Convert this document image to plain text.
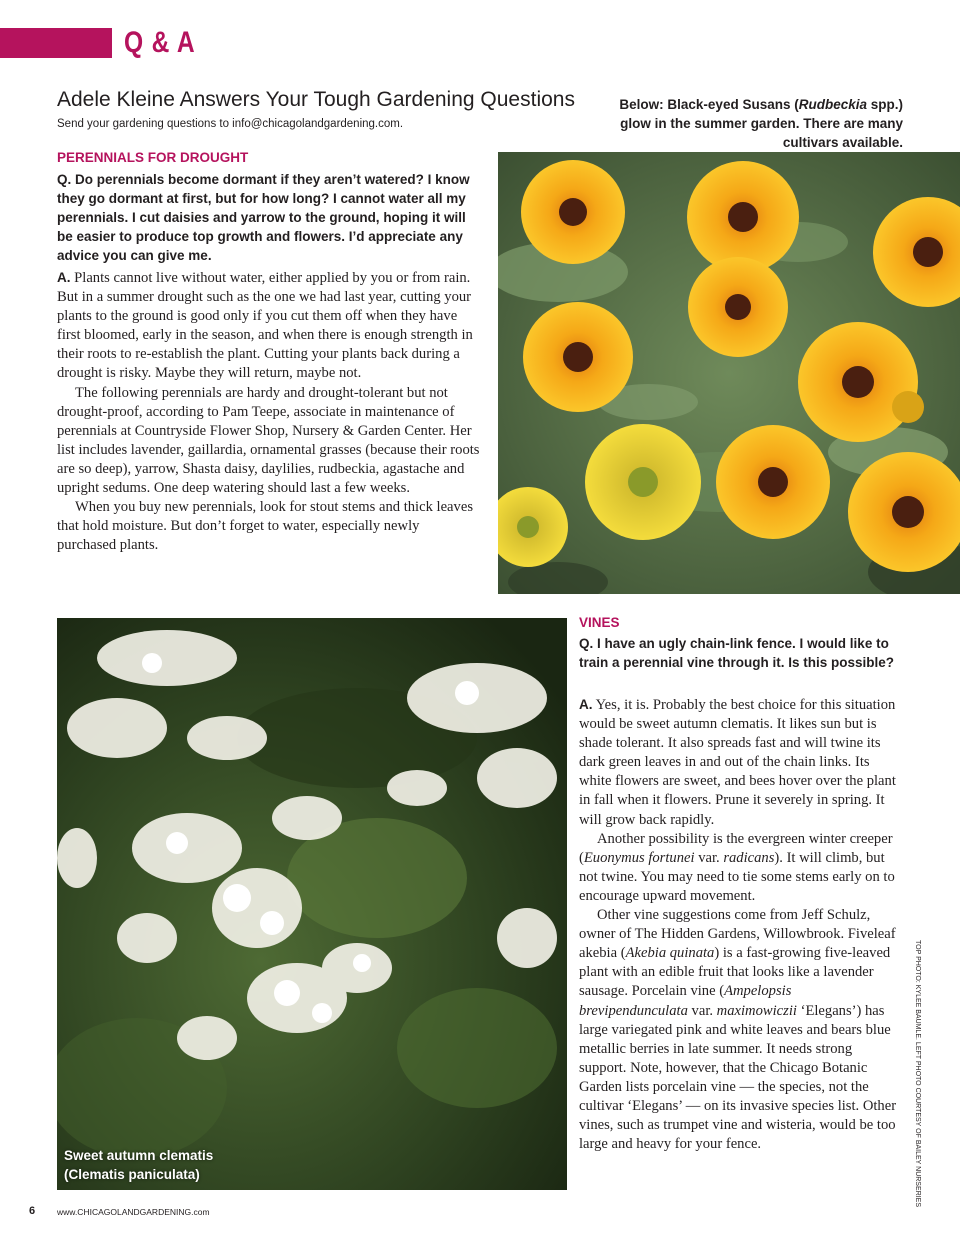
Q & A
Adele Kleine Answers Your Tough Gardening Questions
Send your gardening questions to info@chicagolandgardening.com.
PERENNIALS FOR DROUGHT
Q. Do perennials become dormant if they aren’t watered? I know they go dormant at first, but for how long? I cannot water all my perennials. I cut daisies and yarrow to the ground, hoping it will be easier to produce top growth and flowers. I’d appreciate any advice you can give me.

A. Plants cannot live without water, either applied by you or from rain. But in a summer drought such as the one we had last year, cutting your plants to the ground is good only if you cut them off when they have first bloomed, early in the season, and when there is enough strength in their roots to re-establish the plant. Cutting your plants back during a drought is risky. Maybe they will return, maybe not.

The following perennials are hardy and drought-tolerant but not drought-proof, according to Pam Teepe, associate in maintenance of perennials at Countryside Flower Shop, Nursery & Garden Center. Her list includes lavender, gaillardia, ornamental grasses (because their roots are so deep), yarrow, Shasta daisy, daylilies, rudbeckia, agastache and upright sedums. One deep watering should last a few weeks.

When you buy new perennials, look for stout stems and thick leaves that hold moisture. But don’t forget to water, especially newly purchased plants.

Below: Black-eyed Susans (Rudbeckia spp.) glow in the summer garden. There are many cultivars available.
Sweet autumn clematis
(Clematis paniculata)
VINES
Q. I have an ugly chain-link fence. I would like to train a perennial vine through it. Is this possible?

A. Yes, it is. Probably the best choice for this situation would be sweet autumn clematis. It likes sun but is shade tolerant. It also spreads fast and will twine its dark green leaves in and out of the chain links. Its white flowers are sweet, and bees hover over the plant in fall when it flowers. Prune it severely in spring. It will grow back rapidly.

Another possibility is the evergreen winter creeper (Euonymus fortunei var. radicans). It will climb, but not twine. You may need to tie some stems early on to encourage upward movement.

Other vine suggestions come from Jeff Schulz, owner of The Hidden Gardens, Willowbrook. Fiveleaf akebia (Akebia quinata) is a fast-growing five-leaved plant with an edible fruit that looks like a lavender sausage. Porcelain vine (Ampelopsis brevipendunculata var. maximowiczii ‘Elegans’) has large variegated pink and white leaves and bears blue metallic berries in late summer. It needs strong support. Note, however, that the Chicago Botanic Garden lists porcelain vine — the species, not the cultivar ‘Elegans’ — on its invasive species list. Other vines, such as trumpet vine and wisteria, would be too large and heavy for your fence.	TOP PHOTO: KYLEE BAUMLE. LEFT PHOTO COURTESY OF BAILEY NURSERIES
6	www.CHICAGOLANDGARDENING.com
